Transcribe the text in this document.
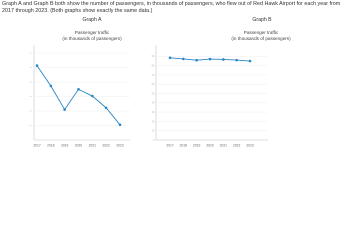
Graph A and Graph B both show the number of passengers, in thousands of passengers, who flew out of Red Hawk Airport for each year from 2017 through 2023. (Both graphs show exactly the same data.)
Graph A	Graph B
Passenger traffic
(in thousands of passengers)
Passenger traffic
(in thousands of passengers)
2017 2018 2019 2020 2021 2022 2023
0
10
20
30
40
50
60
70
80
90
2017 2018 2019 2020 2021 2022 2023
